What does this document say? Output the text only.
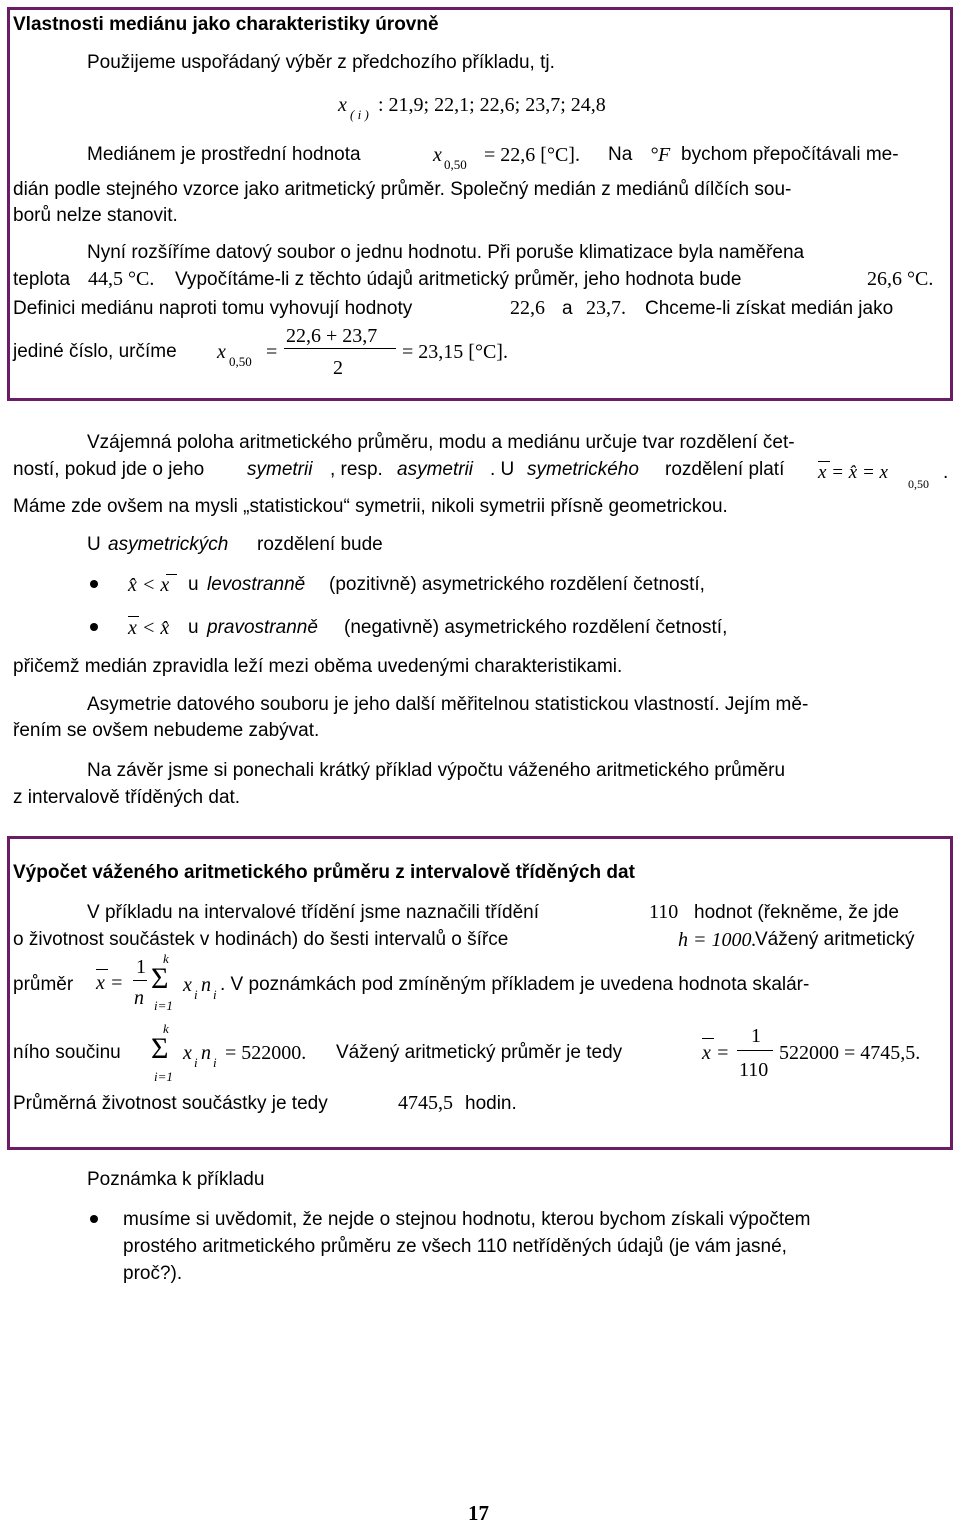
Vlastnosti mediánu jako charakteristiky úrovně
Použijeme uspořádaný výběr z předchozího příkladu, tj.
x ( i ) : 21,9; 22,1; 22,6; 23,7; 24,8
Mediánem je prostřední hodnota	x 0,50 = 22,6 [°C]. Na °F bychom přepočítávali me-
dián podle stejného vzorce jako aritmetický průměr. Společný medián z mediánů dílčích sou-
borů nelze stanovit.
Nyní rozšíříme datový soubor o jednu hodnotu. Při poruše klimatizace byla naměřena
teplota 44,5 °C. Vypočítáme-li z těchto údajů aritmetický průměr, jeho hodnota bude	26,6 °C.
Definici mediánu naproti tomu vyhovují hodnoty	22,6 a 23,7. Chceme-li získat medián jako
jediné číslo, určíme x 0,50 =
22,6 + 23,7
2
= 23,15 [°C].
Vzájemná poloha aritmetického průměru, modu a mediánu určuje tvar rozdělení čet-
ností, pokud jde o jeho symetrii , resp. asymetrii . U symetrického rozdělení platí x = x̂ = x
0,50
.
Máme zde ovšem na mysli „statistickou“ symetrii, nikoli symetrii přísně geometrickou.
U asymetrických rozdělení bude
x̂ < x u levostranně (pozitivně) asymetrického rozdělení četností,
x < x̂ u pravostranně (negativně) asymetrického rozdělení četností,
přičemž medián zpravidla leží mezi oběma uvedenými charakteristikami.
Asymetrie datového souboru je jeho další měřitelnou statistickou vlastností. Jejím mě-
řením se ovšem nebudeme zabývat.
Na závěr jsme si ponechali krátký příklad výpočtu váženého aritmetického průměru
z intervalově tříděných dat.
Výpočet váženého aritmetického průměru z intervalově tříděných dat
V příkladu na intervalové třídění jsme naznačili třídění	110 hodnot (řekněme, že jde
o životnost součástek v hodinách) do šesti intervalů o šířce	h = 1000.
Vážený aritmetický
průměr x =
1
n
k
Σ
i=1
x i n i . V poznámkách pod zmíněným příkladem je uvedena hodnota skalár-
ního součinu
k
Σ
i=1
x i n i = 522000. Vážený aritmetický průměr je tedy	x =
1
110
522000 = 4745,5.
Průměrná životnost součástky je tedy	4745,5 hodin.
Poznámka k příkladu
musíme si uvědomit, že nejde o stejnou hodnotu, kterou bychom získali výpočtem
prostého aritmetického průměru ze všech 110 netříděných údajů (je vám jasné,
proč?).
17
